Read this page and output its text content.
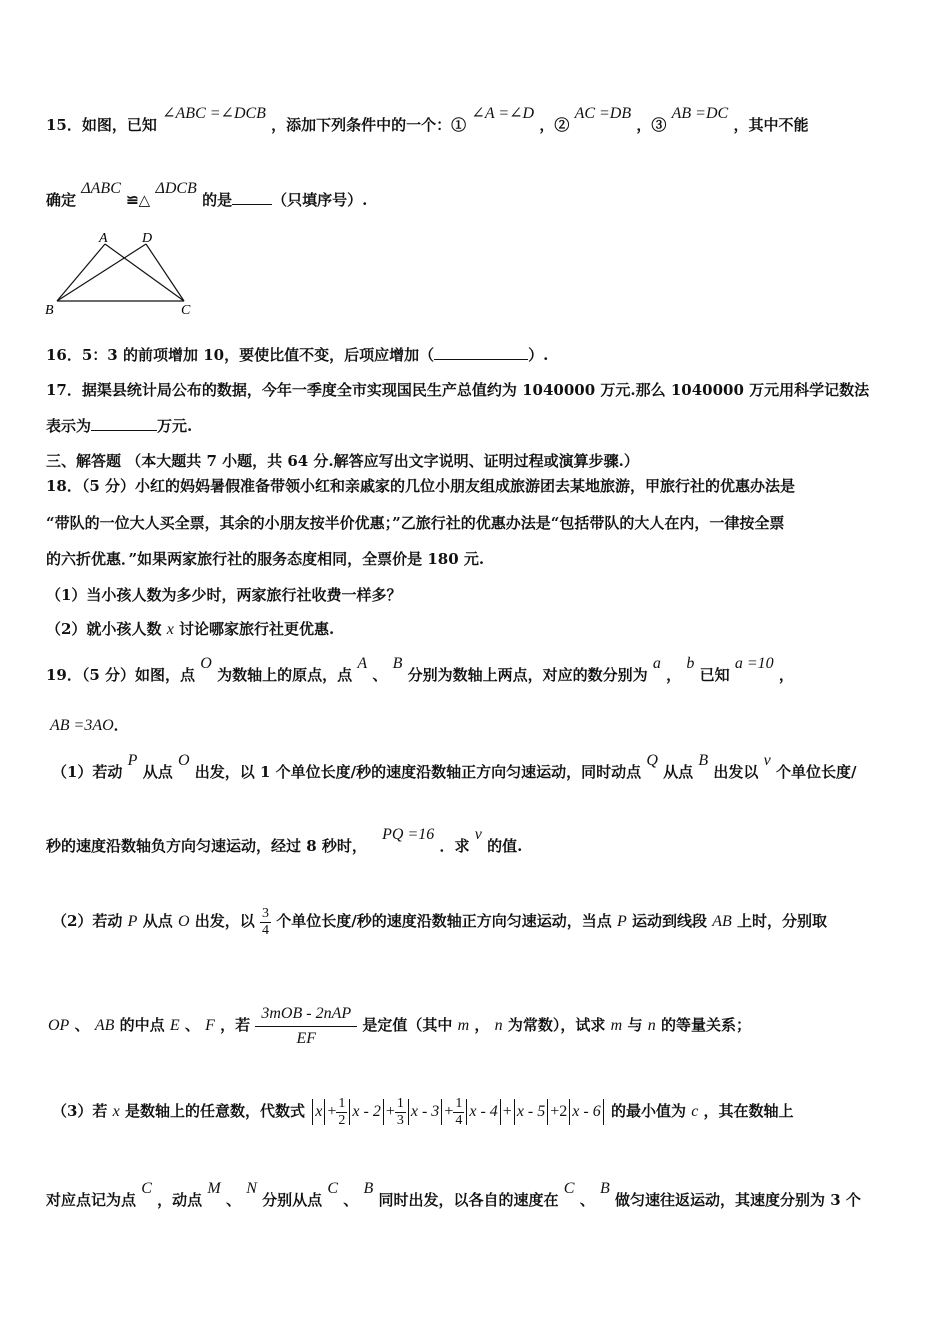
15．如图，已知 ∠ABC =∠DCB ，添加下列条件中的一个：① ∠A =∠D ，② AC =DB ，③ AB =DC ，其中不能
确定 ΔABC ≌△ ΔDCB 的是	（只填序号）.
A D
B	C
16．5：3 的前项增加 10，要使比值不变，后项应增加（	）.
17．据渠县统计局公布的数据，今年一季度全市实现国民生产总值约为 1040000 万元.那么 1040000 万元用科学记数法
表示为	万元.
三、解答题 （本大题共 7 小题，共 64 分.解答应写出文字说明、证明过程或演算步骤.）
18．（5 分）小红的妈妈暑假准备带领小红和亲戚家的几位小朋友组成旅游团去某地旅游，甲旅行社的优惠办法是
“带队的一位大人买全票，其余的小朋友按半价优惠；”乙旅行社的优惠办法是“包括带队的大人在内，一律按全票
的六折优惠．”如果两家旅行社的服务态度相同，全票价是 180 元.
（1）当小孩人数为多少时，两家旅行社收费一样多？
（2）就小孩人数 x 讨论哪家旅行社更优惠.
19．（5 分）如图，点 O 为数轴上的原点，点 A 、 B 分别为数轴上两点，对应的数分别为 a ， b 已知 a =10 ，
AB =3AO．
（1）若动 P 从点 O 出发，以 1 个单位长度/秒的速度沿数轴正方向匀速运动，同时动点 Q 从点 B 出发以 v 个单位长度/
秒的速度沿数轴负方向匀速运动，经过 8 秒时， PQ =16 ．求 v 的值.
（2）若动 P 从点 O 出发，以 $\frac{3}{4}$ 个单位长度/秒的速度沿数轴正方向匀速运动，当点 P 运动到线段 AB 上时，分别取
OP 、 AB 的中点 E 、 F ，若 $\frac{\text{3mOB - 2nAP}}{EF}$ 是定值（其中 m ， n 为常数），试求 m 与 n 的等量关系；
（3）若 x 是数轴上的任意数，代数式 $x + \frac{1}{2}$ $x - 2 + \frac{1}{3}$ $x - 3 + \frac{1}{4}$ x - 4 + x - 5 +2 x - 6 的最小值为 c ，其在数轴上
对应点记为点 C ，动点 M 、 N 分别从点 C 、 B 同时出发，以各自的速度在 C 、 B 做匀速往返运动，其速度分别为 3 个
